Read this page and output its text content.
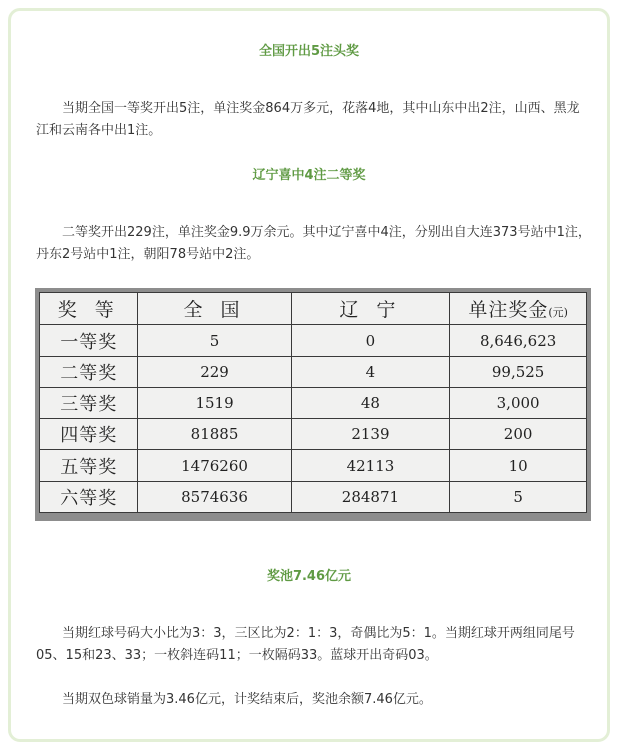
全国开出5注头奖

当期全国一等奖开出5注，单注奖金864万多元，花落4地，其中山东中出2注，山西、黑龙江和云南各中出1注。

辽宁喜中4注二等奖

二等奖开出229注，单注奖金9.9万余元。其中辽宁喜中4注，分别出自大连373号站中1注，丹东2号站中1注，朝阳78号站中2注。

奖 等	全 国	辽 宁	单注奖金(元)
一等奖	5	0	8,646,623
二等奖	229	4	99,525
三等奖	1519	48	3,000
四等奖	81885	2139	200
五等奖	1476260	42113	10
六等奖	8574636	284871	5
奖池7.46亿元

当期红球号码大小比为3：3，三区比为2：1：3，奇偶比为5：1。当期红球开两组同尾号05、15和23、33；一枚斜连码11；一枚隔码33。蓝球开出奇码03。

当期双色球销量为3.46亿元，计奖结束后，奖池余额7.46亿元。
